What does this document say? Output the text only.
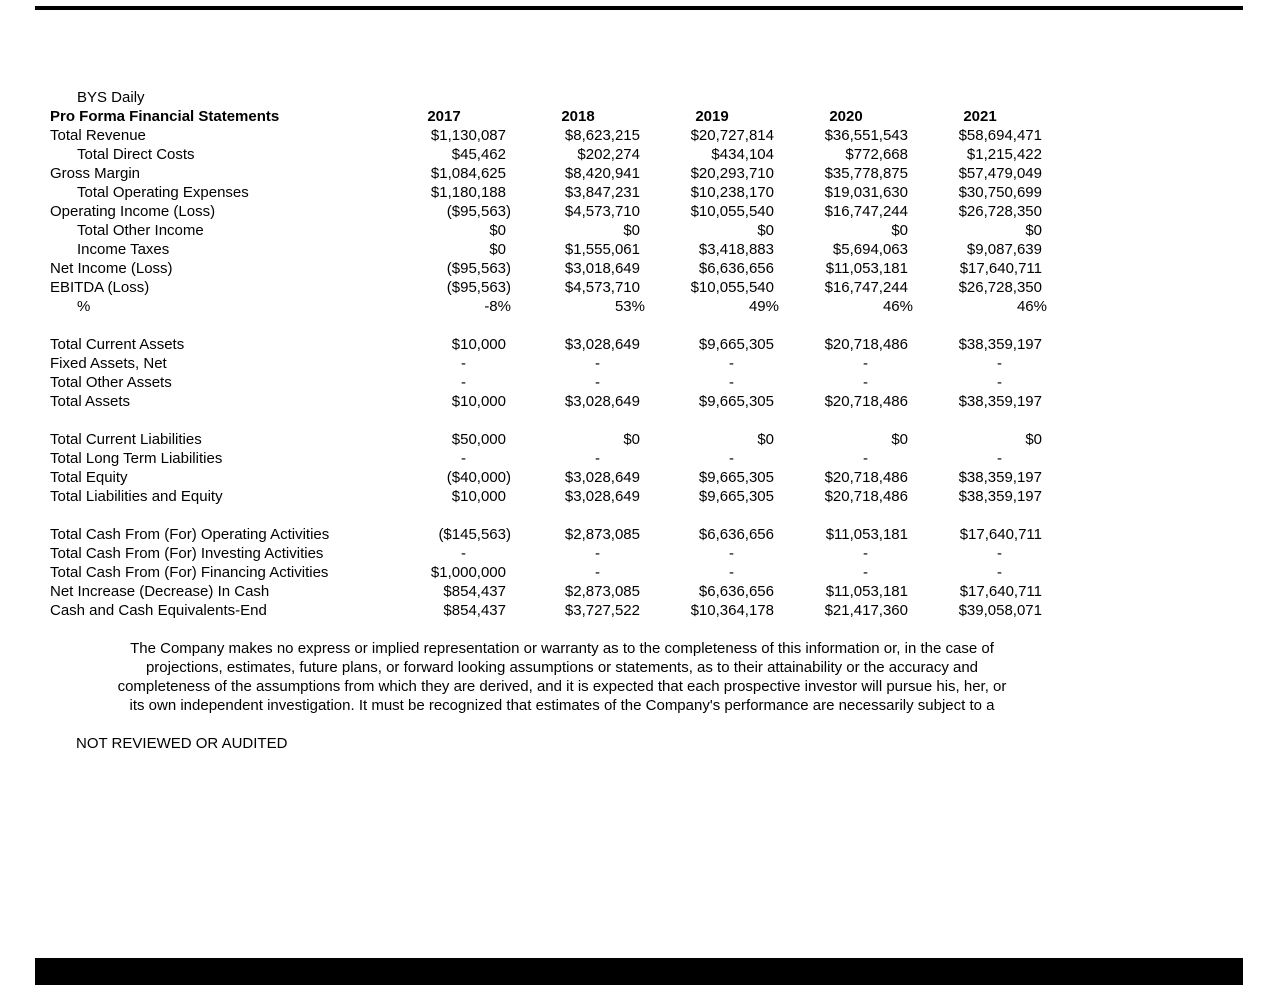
BYS Daily
Pro Forma Financial Statements	2017	2018	2019	2020	2021
Total Revenue	$1,130,087	$8,623,215	$20,727,814	$36,551,543	$58,694,471
Total Direct Costs	$45,462	$202,274	$434,104	$772,668	$1,215,422
Gross Margin	$1,084,625	$8,420,941	$20,293,710	$35,778,875	$57,479,049
Total Operating Expenses	$1,180,188	$3,847,231	$10,238,170	$19,031,630	$30,750,699
Operating Income (Loss)	($95,563)	$4,573,710	$10,055,540	$16,747,244	$26,728,350
Total Other Income	$0	$0	$0	$0	$0
Income Taxes	$0	$1,555,061	$3,418,883	$5,694,063	$9,087,639
Net Income (Loss)	($95,563)	$3,018,649	$6,636,656	$11,053,181	$17,640,711
EBITDA (Loss)	($95,563)	$4,573,710	$10,055,540	$16,747,244	$26,728,350
%	-8%	53%	49%	46%	46%
Total Current Assets	$10,000	$3,028,649	$9,665,305	$20,718,486	$38,359,197
Fixed Assets, Net	-	-	-	-	-
Total Other Assets	-	-	-	-	-
Total Assets	$10,000	$3,028,649	$9,665,305	$20,718,486	$38,359,197
Total Current Liabilities	$50,000	$0	$0	$0	$0
Total Long Term Liabilities	-	-	-	-	-
Total Equity	($40,000)	$3,028,649	$9,665,305	$20,718,486	$38,359,197
Total Liabilities and Equity	$10,000	$3,028,649	$9,665,305	$20,718,486	$38,359,197
Total Cash From (For) Operating Activities	($145,563)	$2,873,085	$6,636,656	$11,053,181	$17,640,711
Total Cash From (For) Investing Activities	-	-	-	-	-
Total Cash From (For) Financing Activities	$1,000,000	-	-	-	-
Net Increase (Decrease) In Cash	$854,437	$2,873,085	$6,636,656	$11,053,181	$17,640,711
Cash and Cash Equivalents-End	$854,437	$3,727,522	$10,364,178	$21,417,360	$39,058,071
The Company makes no express or implied representation or warranty as to the completeness of this information or, in the case of
projections, estimates, future plans, or forward looking assumptions or statements, as to their attainability or the accuracy and
completeness of the assumptions from which they are derived, and it is expected that each prospective investor will pursue his, her, or
its own independent investigation. It must be recognized that estimates of the Company's performance are necessarily subject to a
NOT REVIEWED OR AUDITED
